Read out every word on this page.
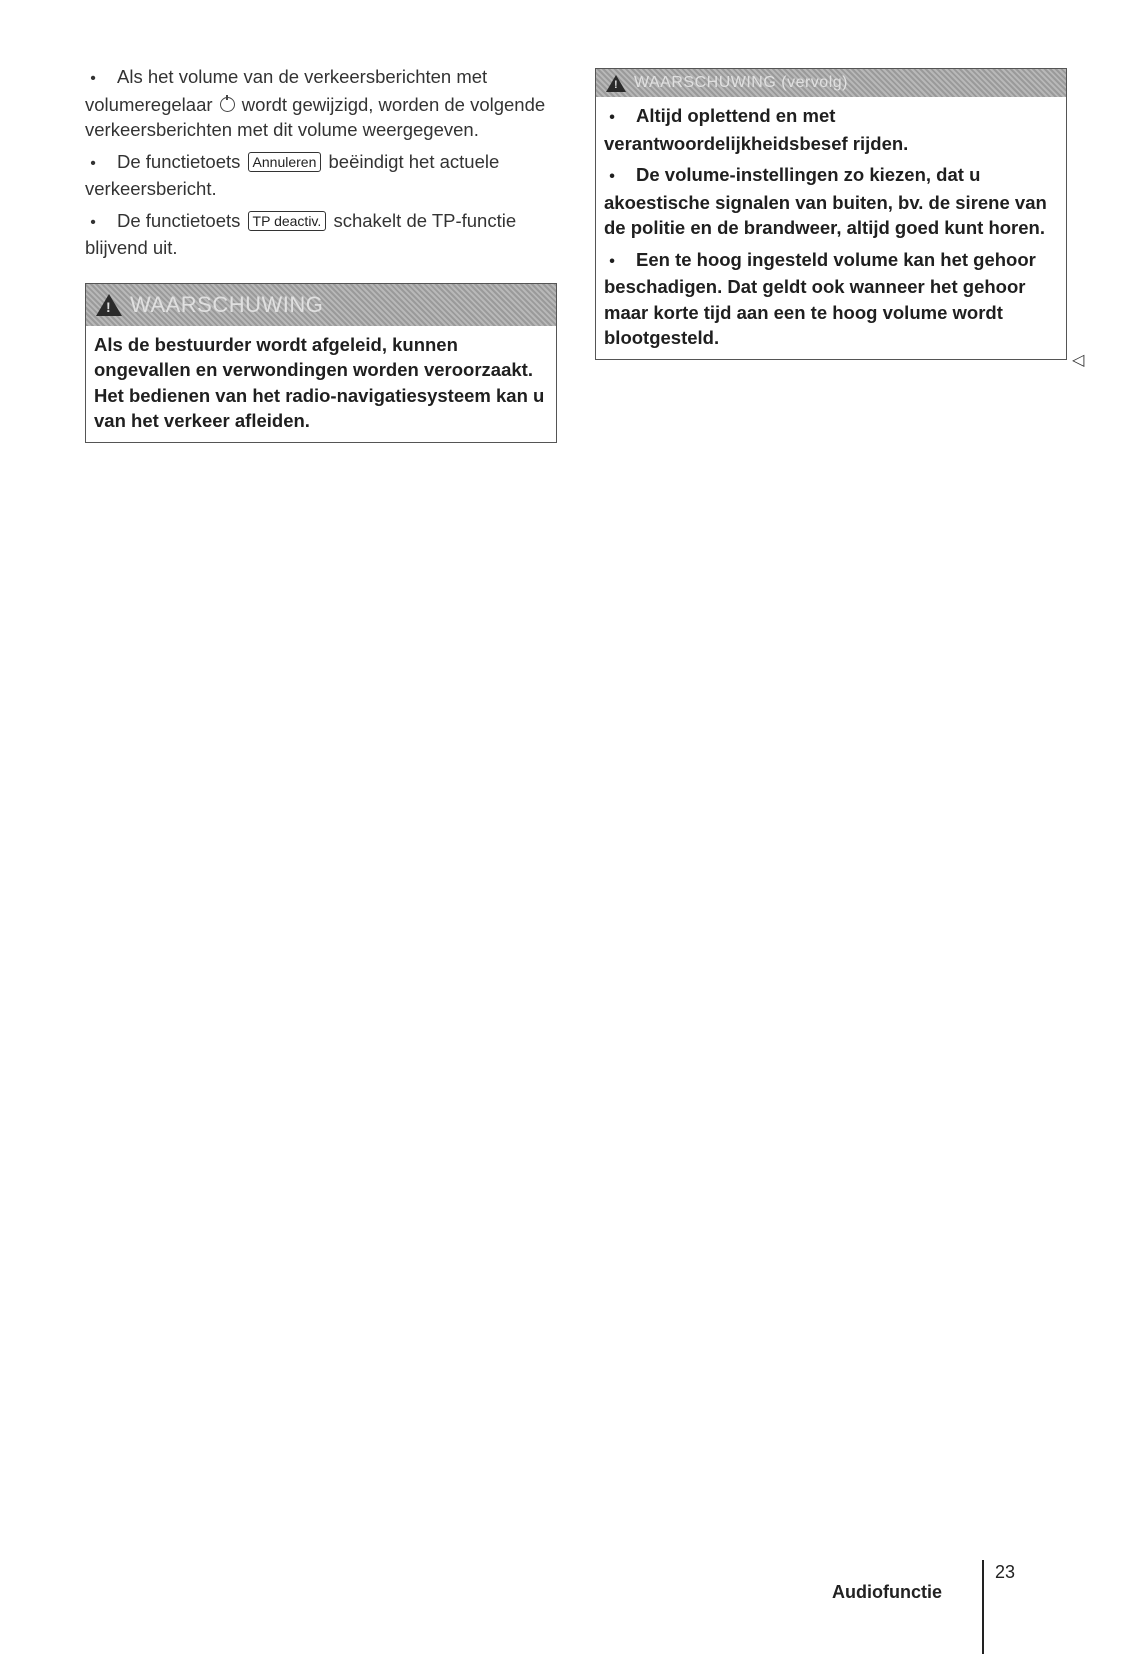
•Als het volume van de verkeersberichten met volumeregelaar wordt gewijzigd, worden de volgende verkeersberichten met dit volume weergegeven.

•De functietoets Annuleren beëindigt het actuele verkeersbericht.

•De functietoets TP deactiv. schakelt de TP-functie blijvend uit.

!
WAARSCHUWING

Als de bestuurder wordt afgeleid, kunnen ongevallen en verwondingen worden veroorzaakt. Het bedienen van het radio-navigatiesysteem kan u van het verkeer afleiden.

!
WAARSCHUWING (vervolg)

•Altijd oplettend en met verantwoordelijkheidsbesef rijden.

•De volume-instellingen zo kiezen, dat u akoestische signalen van buiten, bv. de sirene van de politie en de brandweer, altijd goed kunt horen.

•Een te hoog ingesteld volume kan het gehoor beschadigen. Dat geldt ook wanneer het gehoor maar korte tijd aan een te hoog volume wordt blootgesteld.

◁
Audiofunctie
23
